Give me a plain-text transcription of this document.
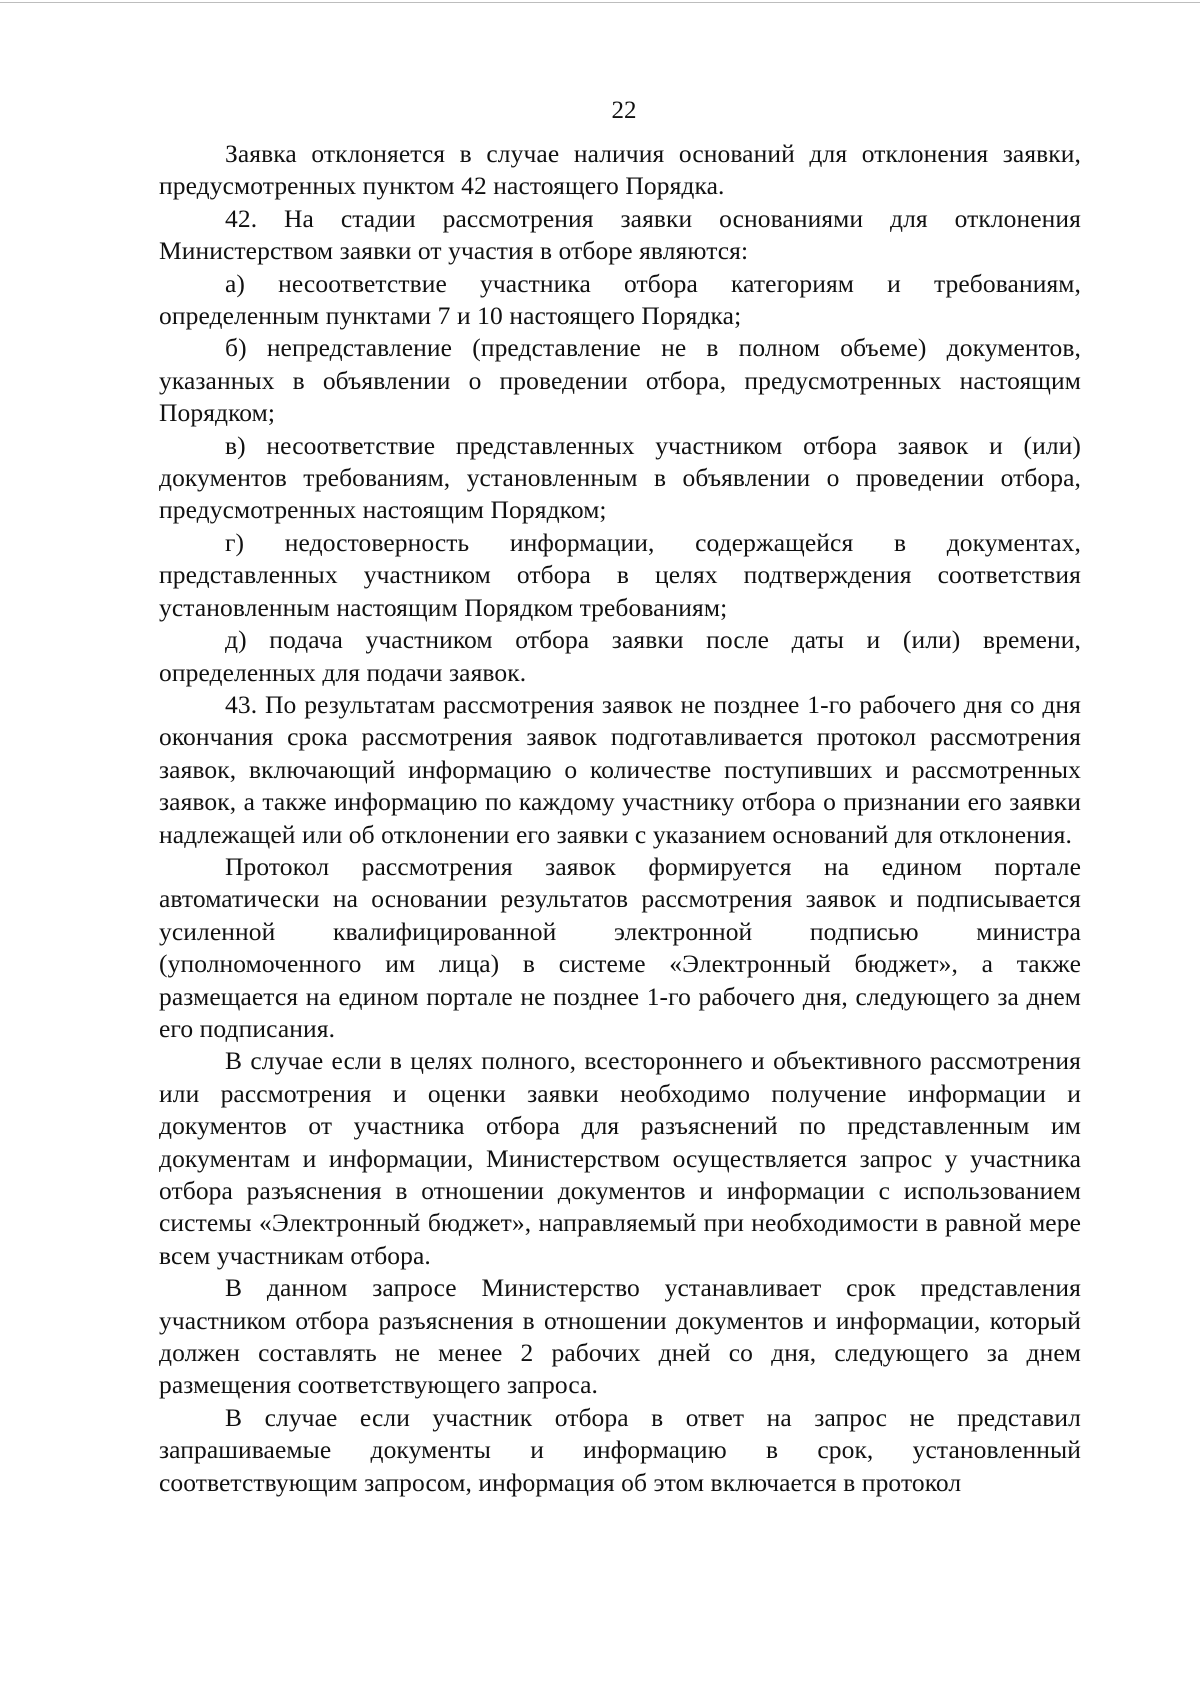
22

Заявка отклоняется в случае наличия оснований для отклонения заявки, предусмотренных пунктом 42 настоящего Порядка.

42. На стадии рассмотрения заявки основаниями для отклонения Министерством заявки от участия в отборе являются:

а) несоответствие участника отбора категориям и требованиям, определенным пунктами 7 и 10 настоящего Порядка;

б) непредставление (представление не в полном объеме) документов, указанных в объявлении о проведении отбора, предусмотренных настоящим Порядком;

в) несоответствие представленных участником отбора заявок и (или) документов требованиям, установленным в объявлении о проведении отбора, предусмотренных настоящим Порядком;

г) недостоверность информации, содержащейся в документах, представленных участником отбора в целях подтверждения соответствия установленным настоящим Порядком требованиям;

д) подача участником отбора заявки после даты и (или) времени, определенных для подачи заявок.

43. По результатам рассмотрения заявок не позднее 1-го рабочего дня со дня окончания срока рассмотрения заявок подготавливается протокол рассмотрения заявок, включающий информацию о количестве поступивших и рассмотренных заявок, а также информацию по каждому участнику отбора о признании его заявки надлежащей или об отклонении его заявки с указанием оснований для отклонения.

Протокол рассмотрения заявок формируется на едином портале автоматически на основании результатов рассмотрения заявок и подписывается усиленной квалифицированной электронной подписью министра (уполномоченного им лица) в системе «Электронный бюджет», а также размещается на едином портале не позднее 1-го рабочего дня, следующего за днем его подписания.

В случае если в целях полного, всестороннего и объективного рассмотрения или рассмотрения и оценки заявки необходимо получение информации и документов от участника отбора для разъяснений по представленным им документам и информации, Министерством осуществляется запрос у участника отбора разъяснения в отношении документов и информации с использованием системы «Электронный бюджет», направляемый при необходимости в равной мере всем участникам отбора.

В данном запросе Министерство устанавливает срок представления участником отбора разъяснения в отношении документов и информации, который должен составлять не менее 2 рабочих дней со дня, следующего за днем размещения соответствующего запроса.

В случае если участник отбора в ответ на запрос не представил запрашиваемые документы и информацию в срок, установленный соответствующим запросом, информация об этом включается в протокол
